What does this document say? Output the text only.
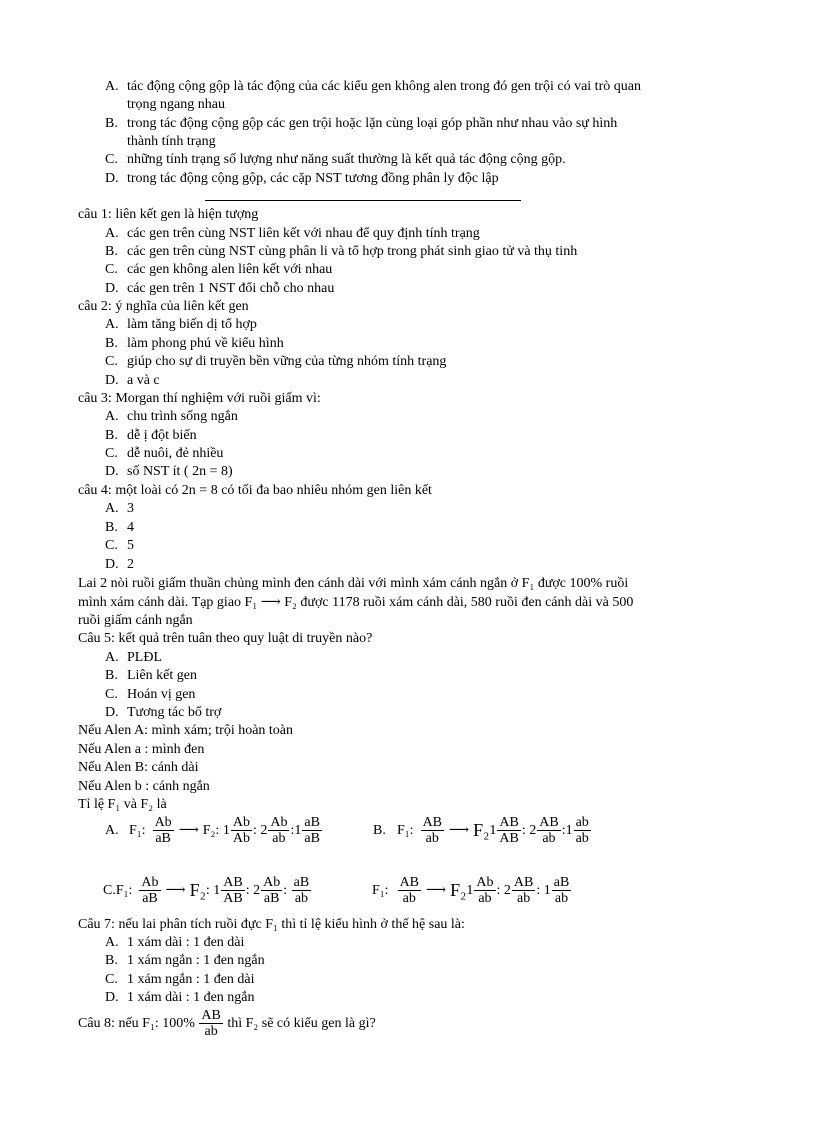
A. tác động cộng gộp là tác động của các kiểu gen không alen trong đó gen trội có vai trò quan
trọng ngang nhau
B. trong tác động cộng gộp các gen trội hoặc lặn cùng loại góp phần như nhau vào sự hình
thành tính trạng
C. những tính trạng số lượng như năng suất thường là kết quả tác động cộng gộp.
D. trong tác động cộng gộp, các cặp NST tương đồng phân ly độc lập
câu 1: liên kết gen là hiện tượng
A. các gen trên cùng NST liên kết với nhau để quy định tính trạng
B. các gen trên cùng NST cùng phân li và tổ hợp trong phát sinh giao tử và thụ tinh
C. các gen không alen liên kết với nhau
D. các gen trên 1 NST đổi chỗ cho nhau
câu 2: ý nghĩa của liên kết gen
A. làm tăng biến dị tổ hợp
B. làm phong phú về kiểu hình
C. giúp cho sự di truyền bền vững của từng nhóm tính trạng
D. a và c
câu 3: Morgan thí nghiệm với ruồi giấm vì:
A. chu trình sống ngắn
B. dễ ị đột biến
C. dễ nuôi, đẻ nhiều
D. số NST ít ( 2n = 8)
câu 4: một loài có 2n = 8 có tối đa bao nhiêu nhóm gen liên kết
A. 3
B. 4
C. 5
D. 2
Lai 2 nòi ruồi giấm thuần chủng mình đen cánh dài với mình xám cánh ngắn ở F₁ được 100% ruồi
mình xám cánh dài. Tạp giao F₁ ⟶ F₂ được 1178 ruồi xám cánh dài, 580 ruồi đen cánh dài và 500
ruồi giấm cánh ngắn
Câu 5: kết quả trên tuân theo quy luật di truyền nào?
A. PLĐL
B. Liên kết gen
C. Hoán vị gen
D. Tương tác bổ trợ
Nếu Alen A: mình xám; trội hoàn toàn
Nếu Alen a : mình đen
Nếu Alen B: cánh dài
Nếu Alen b : cánh ngắn
Tỉ lệ F₁ và F₂ là
A. F₁: $\frac{Ab}{aB}$ ⟶ F₂:
$1 \frac{Ab}{Ab}$ :
$2 \frac{Ab}{ab}$ : $1 \frac{aB}{aB}$	B. F₁: $\frac{AB}{ab}$ ⟶ F₂ $1 \frac{AB}{AB}$ :
$2 \frac{AB}{ab}$ : $1 \frac{ab}{ab}$
C. F₁: $\frac{Ab}{aB}$ ⟶ F₂ :
$1 \frac{AB}{AB}$ :
$2 \frac{Ab}{aB}$ :
$\frac{aB}{ab}$	F₁: $\frac{AB}{ab}$ ⟶ F₂ $1 \frac{Ab}{ab}$ :
$2 \frac{AB}{ab}$ :
$1 \frac{aB}{ab}$
Câu 7: nếu lai phân tích ruồi đực F₁ thì tỉ lệ kiểu hình ở thế hệ sau là:
A. 1 xám dài : 1 đen dài
B. 1 xám ngắn : 1 đen ngắn
C. 1 xám ngắn : 1 đen dài
D. 1 xám dài : 1 đen ngắn
Câu 8: nếu F₁: 100%
$\frac{AB}{ab}$
thì F₂ sẽ có kiểu gen là gì?
